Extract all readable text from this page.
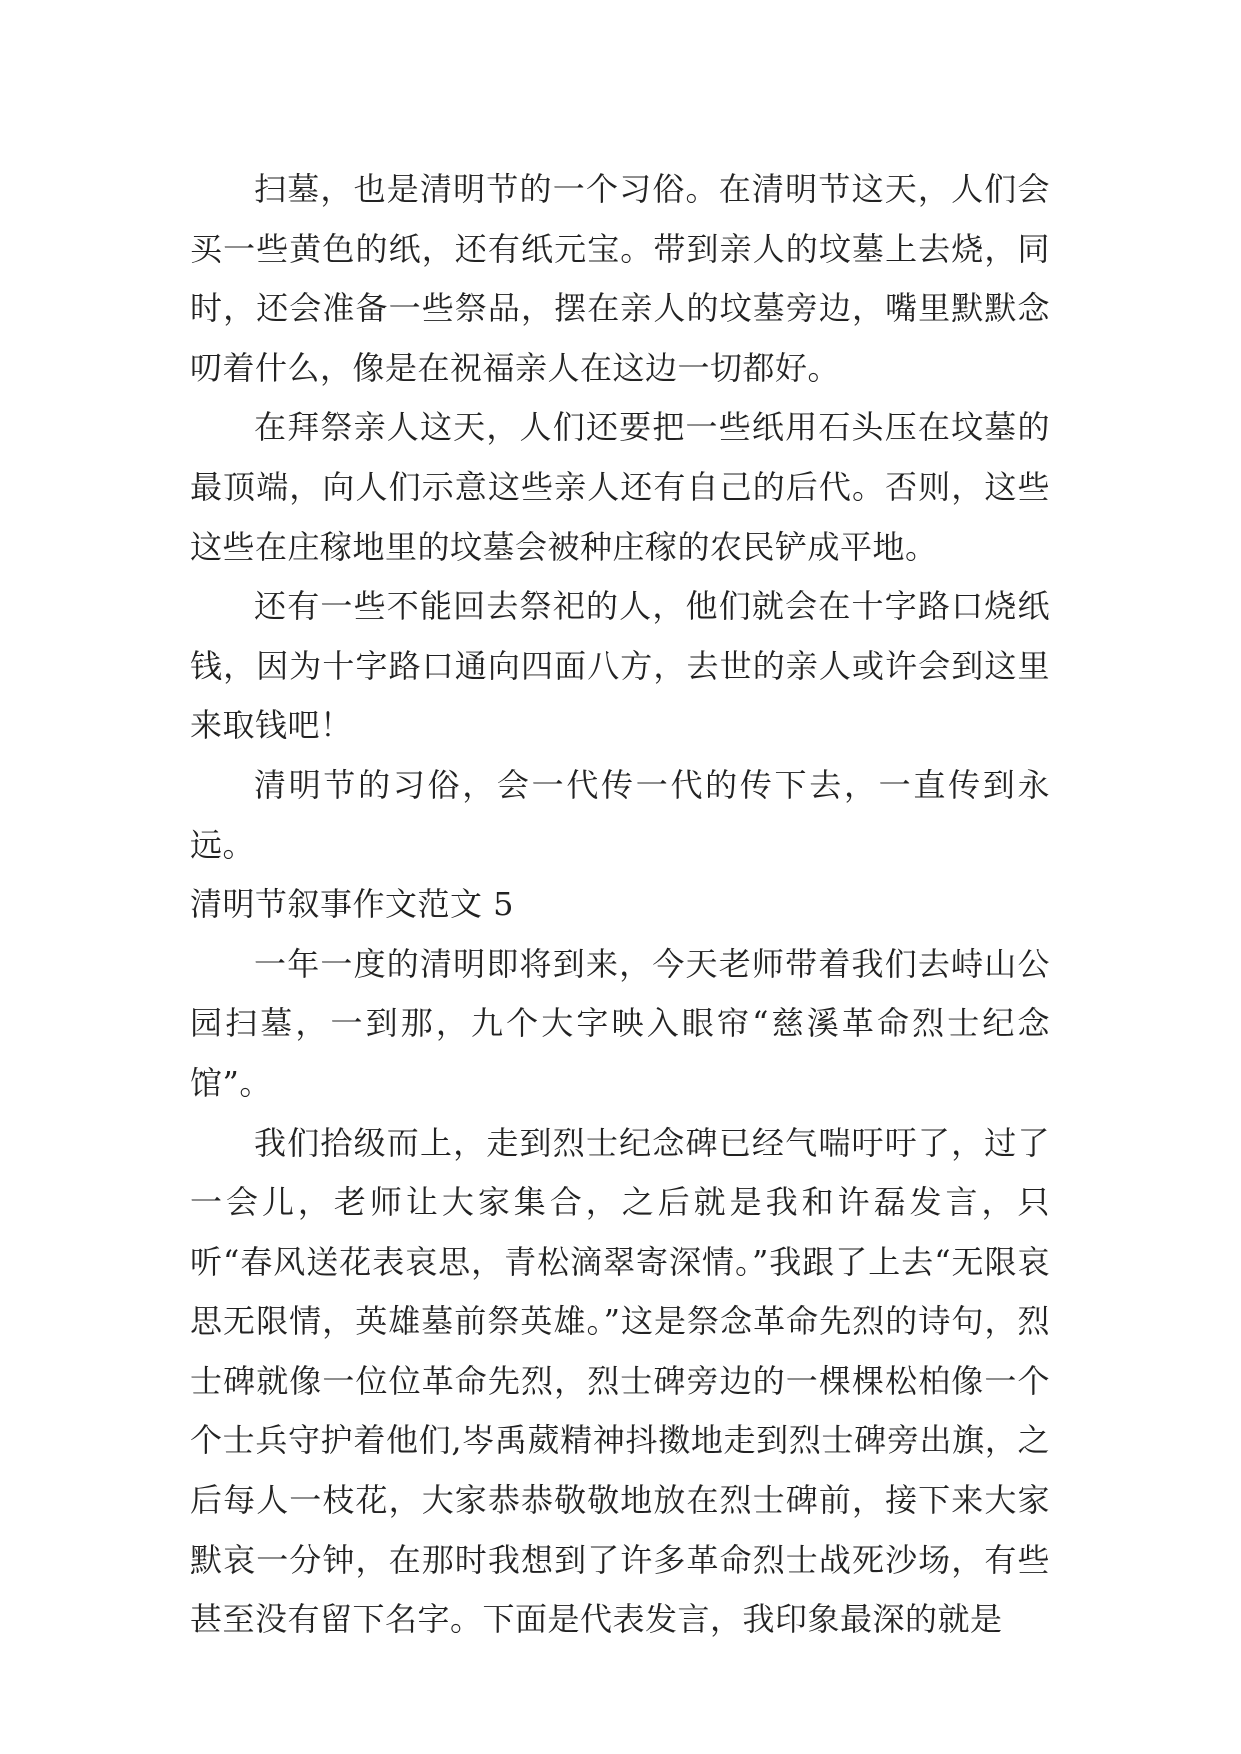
扫墓，也是清明节的一个习俗。在清明节这天，人们会买一些黄色的纸，还有纸元宝。带到亲人的坟墓上去烧，同时，还会准备一些祭品，摆在亲人的坟墓旁边，嘴里默默念叨着什么，像是在祝福亲人在这边一切都好。

在拜祭亲人这天，人们还要把一些纸用石头压在坟墓的最顶端，向人们示意这些亲人还有自己的后代。否则，这些这些在庄稼地里的坟墓会被种庄稼的农民铲成平地。

还有一些不能回去祭祀的人，他们就会在十字路口烧纸钱，因为十字路口通向四面八方，去世的亲人或许会到这里来取钱吧！

清明节的习俗，会一代传一代的传下去，一直传到永远。

清明节叙事作文范文 5

一年一度的清明即将到来，今天老师带着我们去峙山公园扫墓，一到那，九个大字映入眼帘“慈溪革命烈士纪念馆”。

我们拾级而上，走到烈士纪念碑已经气喘吁吁了，过了一会儿，老师让大家集合，之后就是我和许磊发言，只听“春风送花表哀思，青松滴翠寄深情。”我跟了上去“无限哀思无限情，英雄墓前祭英雄。”这是祭念革命先烈的诗句，烈士碑就像一位位革命先烈，烈士碑旁边的一棵棵松柏像一个个士兵守护着他们,岑禹葳精神抖擞地走到烈士碑旁出旗，之后每人一枝花，大家恭恭敬敬地放在烈士碑前，接下来大家默哀一分钟，在那时我想到了许多革命烈士战死沙场，有些甚至没有留下名字。下面是代表发言，我印象最深的就是
